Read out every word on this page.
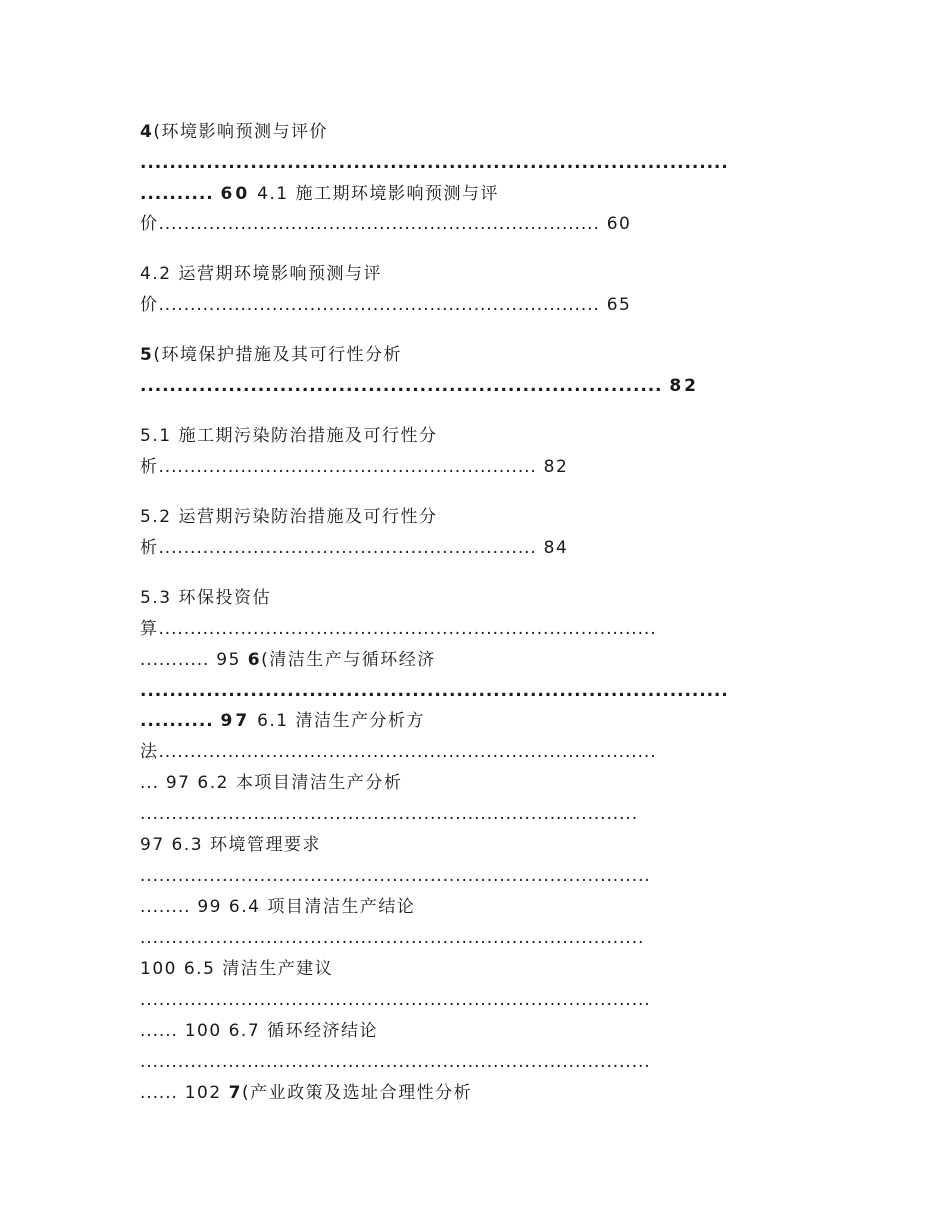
4(环境影响预测与评价
................................................................................
.......... 60 4.1 施工期环境影响预测与评
价...................................................................... 60
4.2 运营期环境影响预测与评
价...................................................................... 65
5(环境保护措施及其可行性分析
....................................................................... 82
5.1 施工期污染防治措施及可行性分
析............................................................ 82
5.2 运营期污染防治措施及可行性分
析............................................................ 84
5.3 环保投资估
算...............................................................................
........... 95 6(清洁生产与循环经济
................................................................................
.......... 97 6.1 清洁生产分析方
法...............................................................................
... 97 6.2 本项目清洁生产分析
...............................................................................
97 6.3 环境管理要求
.................................................................................
........ 99 6.4 项目清洁生产结论
................................................................................
100 6.5 清洁生产建议
.................................................................................
...... 100 6.7 循环经济结论
.................................................................................
...... 102 7(产业政策及选址合理性分析
